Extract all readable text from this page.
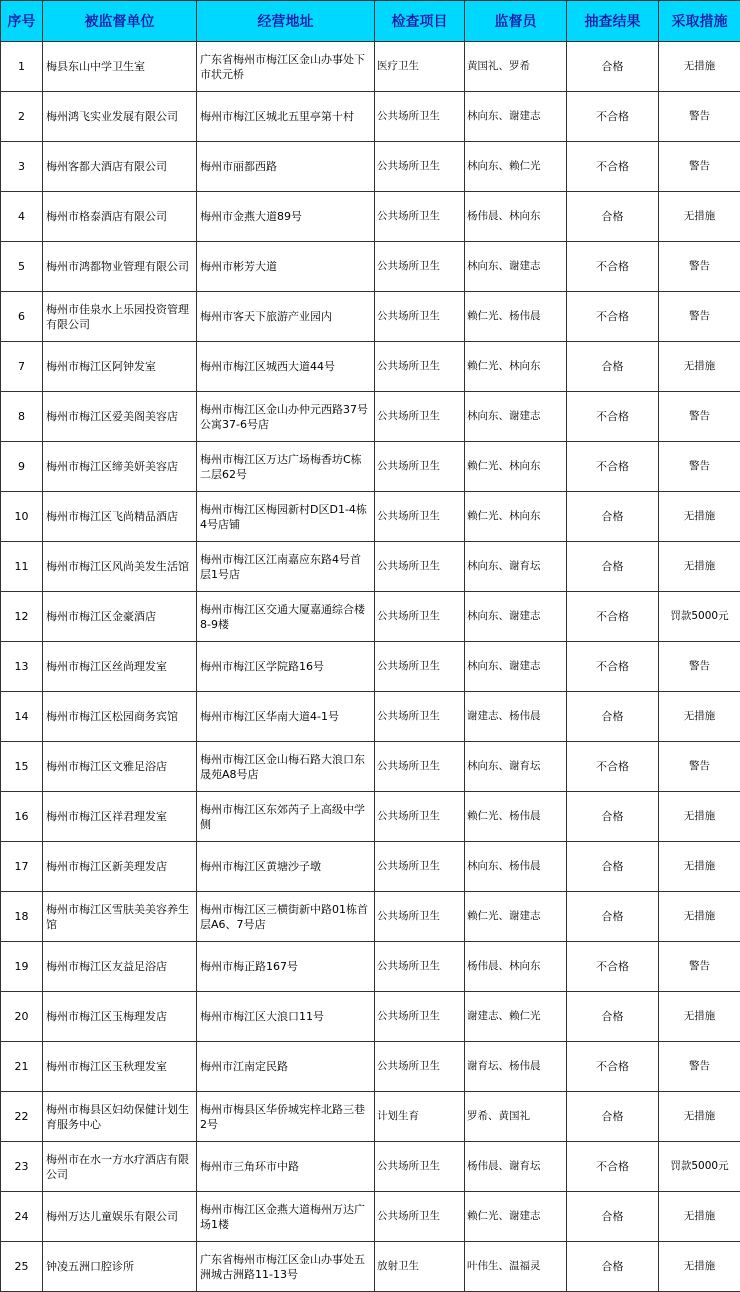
序号	被监督单位	经营地址	检查项目	监督员	抽查结果	采取措施
1	梅县东山中学卫生室	广东省梅州市梅江区金山办事处下市状元桥	医疗卫生	黄国礼、罗希	合格	无措施
2	梅州鸿飞实业发展有限公司	梅州市梅江区城北五里亭第十村	公共场所卫生	林向东、谢建志	不合格	警告
3	梅州客都大酒店有限公司	梅州市丽都西路	公共场所卫生	林向东、赖仁光	不合格	警告
4	梅州市格泰酒店有限公司	梅州市金燕大道89号	公共场所卫生	杨伟晨、林向东	合格	无措施
5	梅州市鸿都物业管理有限公司	梅州市彬芳大道	公共场所卫生	林向东、谢建志	不合格	警告
6	梅州市佳泉水上乐园投资管理有限公司	梅州市客天下旅游产业园内	公共场所卫生	赖仁光、杨伟晨	不合格	警告
7	梅州市梅江区阿钟发室	梅州市梅江区城西大道44号	公共场所卫生	赖仁光、林向东	合格	无措施
8	梅州市梅江区爱美阁美容店	梅州市梅江区金山办仲元西路37号公寓37-6号店	公共场所卫生	林向东、谢建志	不合格	警告
9	梅州市梅江区缔美妍美容店	梅州市梅江区万达广场梅香坊C栋二层62号	公共场所卫生	赖仁光、林向东	不合格	警告
10	梅州市梅江区飞尚精品酒店	梅州市梅江区梅园新村D区D1-4栋4号店铺	公共场所卫生	赖仁光、林向东	合格	无措施
11	梅州市梅江区风尚美发生活馆	梅州市梅江区江南嘉应东路4号首层1号店	公共场所卫生	林向东、谢育坛	合格	无措施
12	梅州市梅江区金豪酒店	梅州市梅江区交通大厦嘉通综合楼8-9楼	公共场所卫生	林向东、谢建志	不合格	罚款5000元
13	梅州市梅江区丝尚理发室	梅州市梅江区学院路16号	公共场所卫生	林向东、谢建志	不合格	警告
14	梅州市梅江区松园商务宾馆	梅州市梅江区华南大道4-1号	公共场所卫生	谢建志、杨伟晨	合格	无措施
15	梅州市梅江区文雅足浴店	梅州市梅江区金山梅石路大浪口东晟苑A8号店	公共场所卫生	林向东、谢育坛	不合格	警告
16	梅州市梅江区祥君理发室	梅州市梅江区东郊芮子上高级中学侧	公共场所卫生	赖仁光、杨伟晨	合格	无措施
17	梅州市梅江区新美理发店	梅州市梅江区黄塘沙子墩	公共场所卫生	林向东、杨伟晨	合格	无措施
18	梅州市梅江区雪肤美美容养生馆	梅州市梅江区三横街新中路01栋首层A6、7号店	公共场所卫生	赖仁光、谢建志	合格	无措施
19	梅州市梅江区友益足浴店	梅州市梅正路167号	公共场所卫生	杨伟晨、林向东	不合格	警告
20	梅州市梅江区玉梅理发店	梅州市梅江区大浪口11号	公共场所卫生	谢建志、赖仁光	合格	无措施
21	梅州市梅江区玉秋理发室	梅州市江南定民路	公共场所卫生	谢育坛、杨伟晨	不合格	警告
22	梅州市梅县区妇幼保健计划生育服务中心	梅州市梅县区华侨城宪梓北路三巷2号	计划生育	罗希、黄国礼	合格	无措施
23	梅州市在水一方水疗酒店有限公司	梅州市三角环市中路	公共场所卫生	杨伟晨、谢育坛	不合格	罚款5000元
24	梅州万达儿童娱乐有限公司	梅州市梅江区金燕大道梅州万达广场1楼	公共场所卫生	赖仁光、谢建志	合格	无措施
25	钟凌五洲口腔诊所	广东省梅州市梅江区金山办事处五洲城古洲路11-13号	放射卫生	叶伟生、温福灵	合格	无措施
